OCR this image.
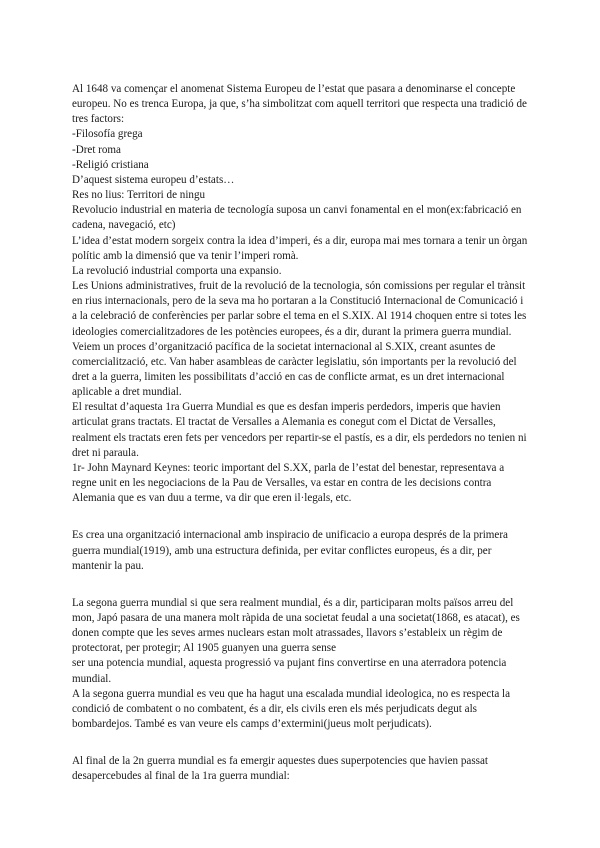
Al 1648 va començar el anomenat Sistema Europeu de l’estat que pasara a denominarse el concepte europeu. No es trenca Europa, ja que, s’ha simbolitzat com aquell territori que respecta una tradició de tres factors:

-Filosofía grega

-Dret roma

-Religió cristiana

D’aquest sistema europeu d’estats…

Res no lius: Territori de ningu

Revolucio industrial en materia de tecnología suposa un canvi fonamental en el mon(ex:fabricació en cadena, navegació, etc)

L’idea d’estat modern sorgeix contra la idea d’imperi, és a dir, europa mai mes tornara a tenir un òrgan polític amb la dimensió que va tenir l’imperi romà.

La revolució industrial comporta una expansio.

Les Unions administratives, fruit de la revolució de la tecnologia, són comissions per regular el trànsit en rius internacionals, pero de la seva ma ho portaran a la Constitució Internacional de Comunicació i a la celebració de conferències per parlar sobre el tema en el S.XIX. Al 1914 choquen entre si totes les ideologies comercialitzadores de les potències europees, és a dir, durant la primera guerra mundial.

Veiem un proces d’organització pacífica de la societat internacional al S.XIX, creant asuntes de comercialització, etc. Van haber asambleas de caràcter legislatiu, són importants per la revolució del dret a la guerra, limiten les possibilitats d’acció en cas de conflicte armat, es un dret internacional aplicable a dret mundial.

El resultat d’aquesta 1ra Guerra Mundial es que es desfan imperis perdedors, imperis que havien articulat grans tractats. El tractat de Versalles a Alemania es conegut com el Dictat de Versalles, realment els tractats eren fets per vencedors per repartir-se el pastís, es a dir, els perdedors no tenien ni dret ni paraula.

1r- John Maynard Keynes: teoric important del S.XX, parla de l’estat del benestar, representava a regne unit en les negociacions de la Pau de Versalles, va estar en contra de les decisions contra Alemania que es van duu a terme, va dir que eren il·legals, etc.

Es crea una organització internacional amb inspiracio de unificacio a europa després de la primera guerra mundial(1919), amb una estructura definida, per evitar conflictes europeus, és a dir, per mantenir la pau.

La segona guerra mundial si que sera realment mundial, és a dir, participaran molts països arreu del mon, Japó pasara de una manera molt ràpida de una societat feudal a una societat(1868, es atacat), es donen compte que les seves armes nuclears estan molt atrassades, llavors s’estableix un règim de protectorat, per protegir; Al 1905 guanyen una guerra sense

ser una potencia mundial, aquesta progressió va pujant fins convertirse en una aterradora potencia mundial.

A la segona guerra mundial es veu que ha hagut una escalada mundial ideologica, no es respecta la condició de combatent o no combatent, és a dir, els civils eren els més perjudicats degut als bombardejos. També es van veure els camps d’extermini(jueus molt perjudicats).

Al final de la 2n guerra mundial es fa emergir aquestes dues superpotencies que havien passat desapercebudes al final de la 1ra guerra mundial:
